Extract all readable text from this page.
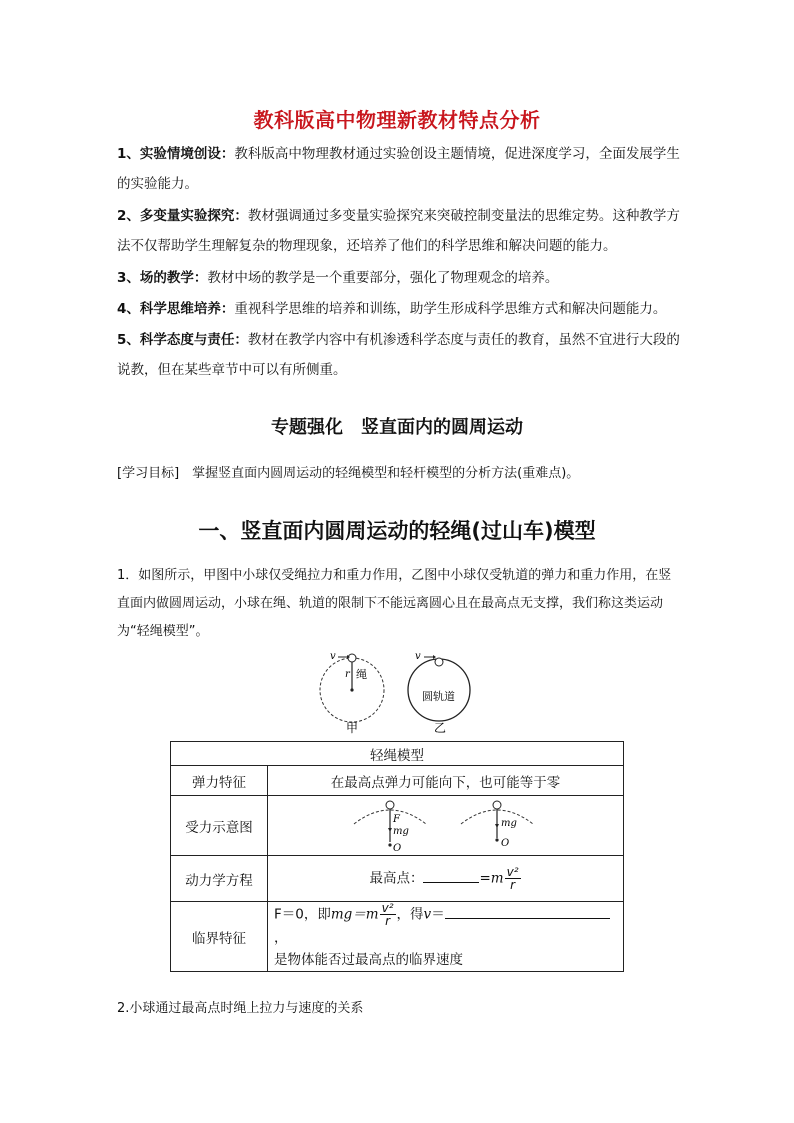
教科版高中物理新教材特点分析
1、实验情境创设：教科版高中物理教材通过实验创设主题情境，促进深度学习，全面发展学生的实验能力。
2、多变量实验探究：教材强调通过多变量实验探究来突破控制变量法的思维定势。这种教学方法不仅帮助学生理解复杂的物理现象，还培养了他们的科学思维和解决问题的能力。
3、场的教学：教材中场的教学是一个重要部分，强化了物理观念的培养。
4、科学思维培养：重视科学思维的培养和训练，助学生形成科学思维方式和解决问题能力。
5、科学态度与责任：教材在教学内容中有机渗透科学态度与责任的教育，虽然不宜进行大段的说教，但在某些章节中可以有所侧重。
专题强化　竖直面内的圆周运动
[学习目标]　掌握竖直面内圆周运动的轻绳模型和轻杆模型的分析方法(重难点)。
一、竖直面内圆周运动的轻绳(过山车)模型
1．如图所示，甲图中小球仅受绳拉力和重力作用，乙图中小球仅受轨道的弹力和重力作用，在竖直面内做圆周运动，小球在绳、轨道的限制下不能远离圆心且在最高点无支撑，我们称这类运动为“轻绳模型”。
v
r 绳
甲
v
圆轨道
乙
轻绳模型	
弹力特征	在最高点弹力可能向下，也可能等于零
受力示意图	F
mg
O
mg
O

动力学方程	最高点： $=m \frac{\text{v²}}{r}$

临界特征	F＝0，即$mg=m \frac{\text{v²}}{r}$ ，得v＝，
是物体能否过最高点的临界速度
2.小球通过最高点时绳上拉力与速度的关系
